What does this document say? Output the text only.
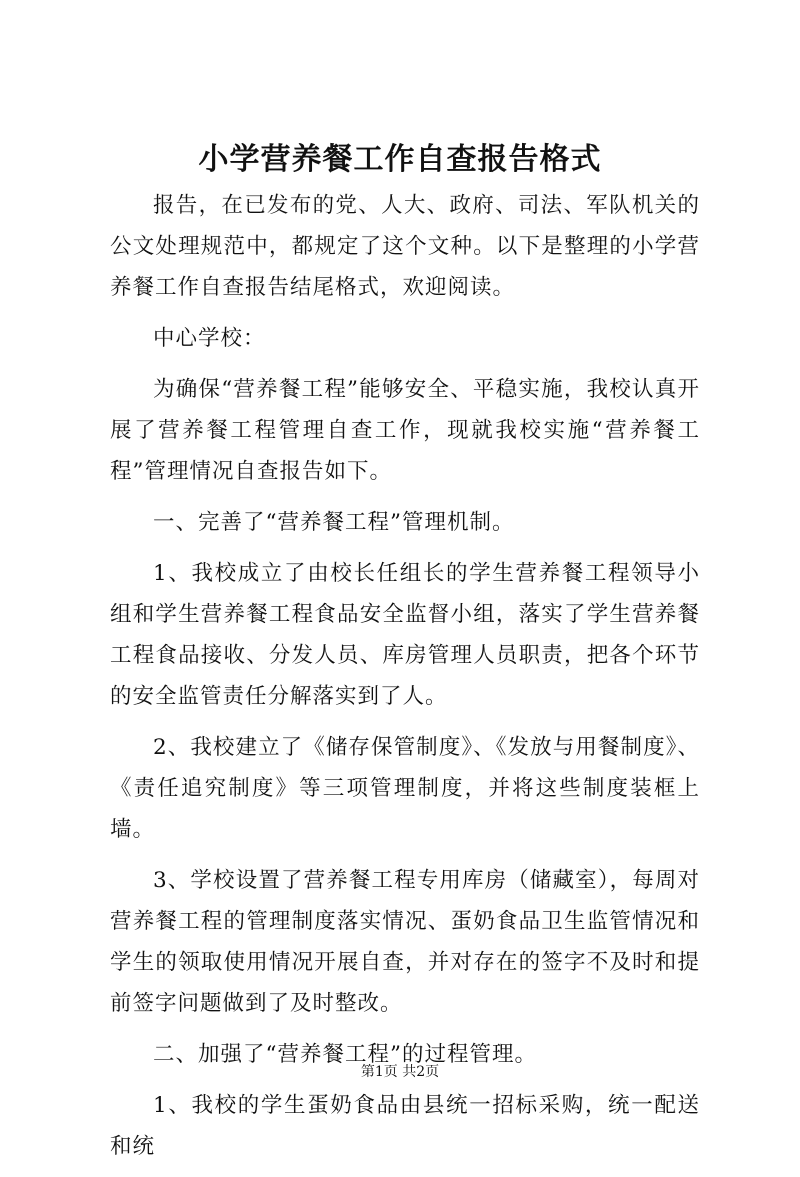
小学营养餐工作自查报告格式

报告，在已发布的党、人大、政府、司法、军队机关的公文处理规范中，都规定了这个文种。以下是整理的小学营养餐工作自查报告结尾格式，欢迎阅读。

中心学校：

为确保“营养餐工程”能够安全、平稳实施，我校认真开展了营养餐工程管理自查工作，现就我校实施“营养餐工程”管理情况自查报告如下。

一、完善了“营养餐工程”管理机制。

1、我校成立了由校长任组长的学生营养餐工程领导小组和学生营养餐工程食品安全监督小组，落实了学生营养餐工程食品接收、分发人员、库房管理人员职责，把各个环节的安全监管责任分解落实到了人。

2、我校建立了《储存保管制度》、《发放与用餐制度》、《责任追究制度》等三项管理制度，并将这些制度装框上墙。

3、学校设置了营养餐工程专用库房（储藏室），每周对营养餐工程的管理制度落实情况、蛋奶食品卫生监管情况和学生的领取使用情况开展自查，并对存在的签字不及时和提前签字问题做到了及时整改。

二、加强了“营养餐工程”的过程管理。

1、我校的学生蛋奶食品由县统一招标采购，统一配送和统

第1页 共2页
